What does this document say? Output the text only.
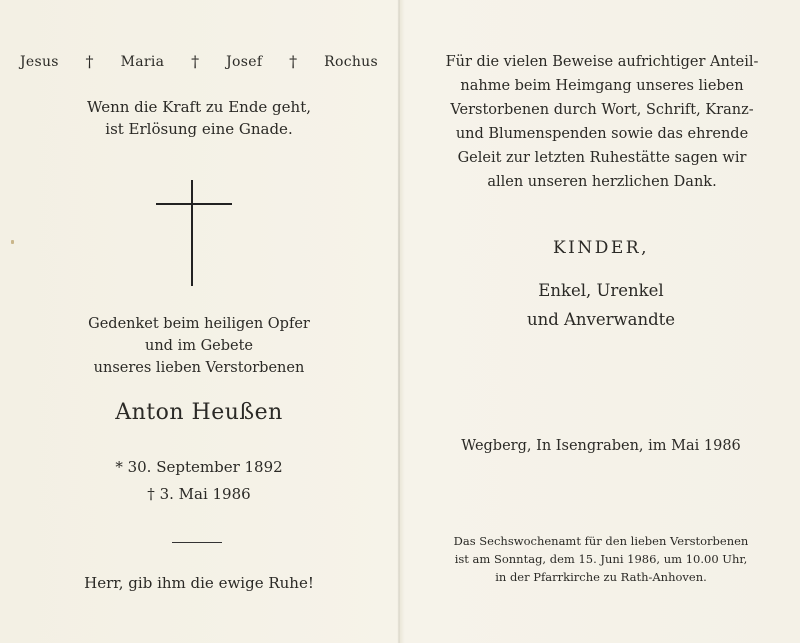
Jesus † Maria † Josef † Rochus
Wenn die Kraft zu Ende geht,
ist Erlösung eine Gnade.
Gedenket beim heiligen Opfer
und im Gebete
unseres lieben Verstorbenen
Anton Heußen
* 30. September 1892
† 3. Mai 1986
Herr, gib ihm die ewige Ruhe!
Für die vielen Beweise aufrichtiger Anteil-
nahme beim Heimgang unseres lieben
Verstorbenen durch Wort, Schrift, Kranz-
und Blumenspenden sowie das ehrende
Geleit zur letzten Ruhestätte sagen wir
allen unseren herzlichen Dank.
KINDER,
Enkel, Urenkel
und Anverwandte
Wegberg, In Isengraben, im Mai 1986
Das Sechswochenamt für den lieben Verstorbenen
ist am Sonntag, dem 15. Juni 1986, um 10.00 Uhr,
in der Pfarrkirche zu Rath-Anhoven.
